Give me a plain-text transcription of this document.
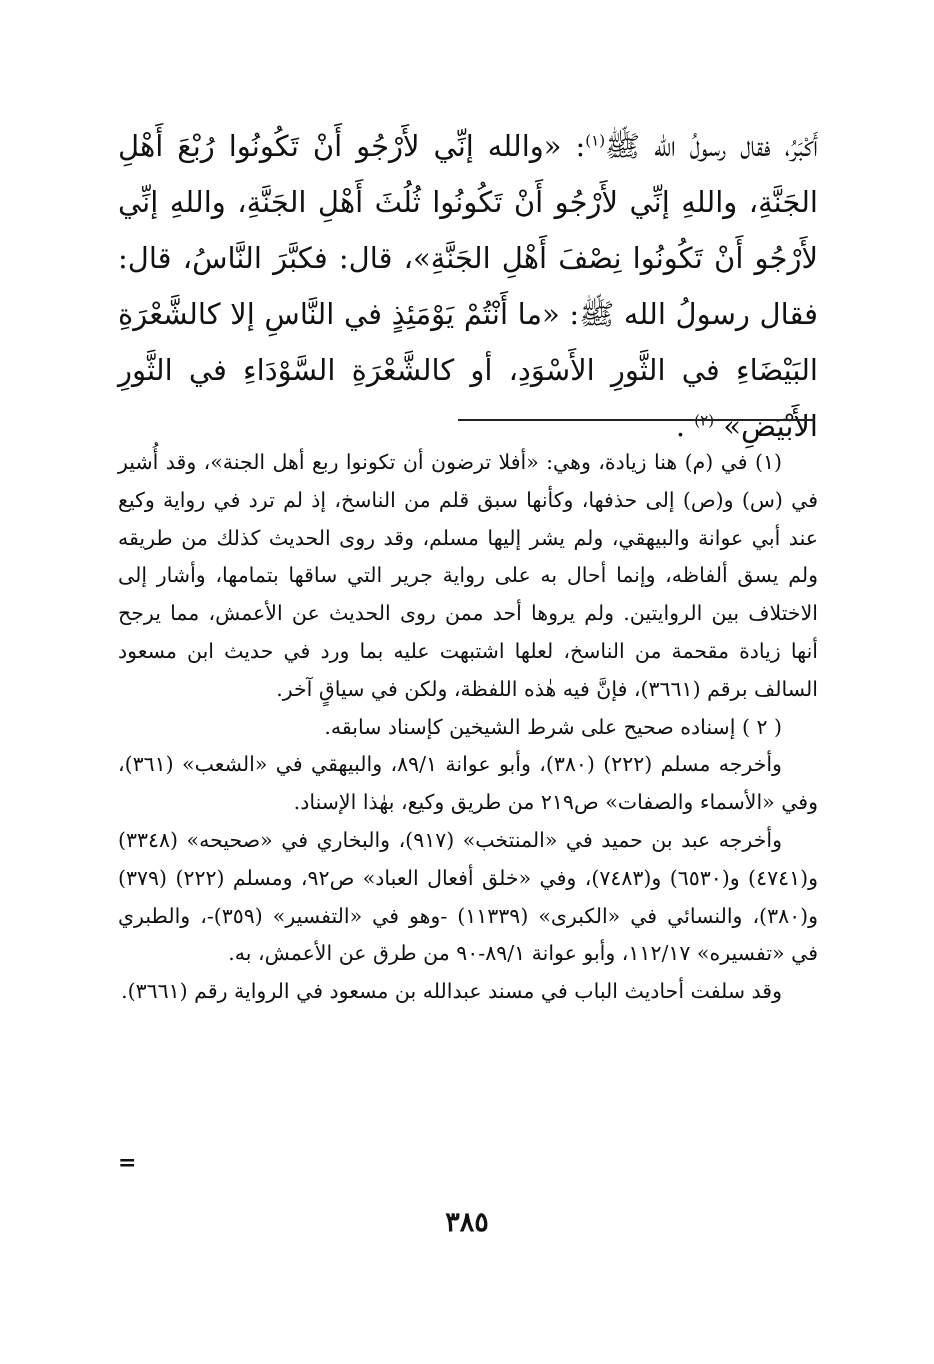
أَكْبَرُ، فقال رسولُ الله ﷺ$^{(١)}$: «والله إنِّي لأَرْجُو أَنْ تَكُونُوا رُبْعَ أَهْلِ الجَنَّةِ، واللهِ إنِّي لأَرْجُو أَنْ تَكُونُوا ثُلُثَ أَهْلِ الجَنَّةِ، واللهِ إنِّي لأَرْجُو أَنْ تَكُونُوا نِصْفَ أَهْلِ الجَنَّةِ»، قال: فكبَّرَ النَّاسُ، قال: فقال رسولُ الله ﷺ: «ما أَنْتُمْ يَوْمَئِذٍ في النَّاسِ إلا كالشَّعْرَةِ البَيْضَاءِ في الثَّورِ الأَسْوَدِ، أو كالشَّعْرَةِ السَّوْدَاءِ في الثَّورِ الأَبْيَضِ» $^{(٢)}$ .

(١) في (م) هنا زيادة، وهي: «أفلا ترضون أن تكونوا ربع أهل الجنة»، وقد أُشير في (س) و(ص) إلى حذفها، وكأنها سبق قلم من الناسخ، إذ لم ترد في رواية وكيع عند أبي عوانة والبيهقي، ولم يشر إليها مسلم، وقد روى الحديث كذلك من طريقه ولم يسق ألفاظه، وإنما أحال به على رواية جرير التي ساقها بتمامها، وأشار إلى الاختلاف بين الروايتين. ولم يروها أحد ممن روى الحديث عن الأعمش، مما يرجح أنها زيادة مقحمة من الناسخ، لعلها اشتبهت عليه بما ورد في حديث ابن مسعود السالف برقم (٣٦٦١)، فإنَّ فيه هٰذه اللفظة، ولكن في سياقٍ آخر.

( ٢ ) إسناده صحيح على شرط الشيخين كإسناد سابقه.

وأخرجه مسلم (٢٢٢) (٣٨٠)، وأبو عوانة ٨٩/١، والبيهقي في «الشعب» (٣٦١)، وفي «الأسماء والصفات» ص٢١٩ من طريق وكيع، بهٰذا الإسناد.

وأخرجه عبد بن حميد في «المنتخب» (٩١٧)، والبخاري في «صحيحه» (٣٣٤٨) و(٤٧٤١) و(٦٥٣٠) و(٧٤٨٣)، وفي «خلق أفعال العباد» ص٩٢، ومسلم (٢٢٢) (٣٧٩) و(٣٨٠)، والنسائي في «الكبرى» (١١٣٣٩) -وهو في «التفسير» (٣٥٩)-، والطبري في «تفسيره» ١١٢/١٧، وأبو عوانة ٨٩/١-٩٠ من طرق عن الأعمش، به.

وقد سلفت أحاديث الباب في مسند عبدالله بن مسعود في الرواية رقم (٣٦٦١).

=
٣٨٥
